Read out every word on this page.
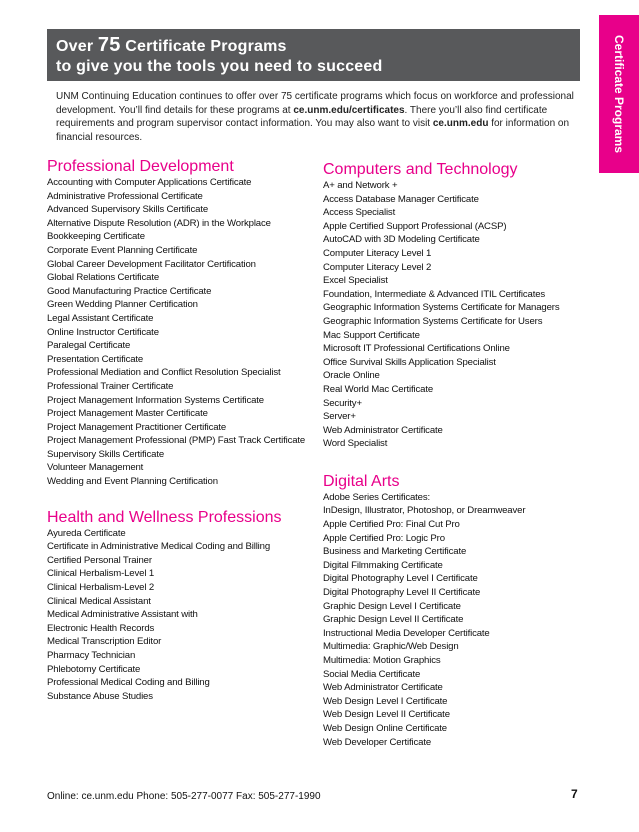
Over 75 Certificate Programs
to give you the tools you need to succeed	Certificate Programs
UNM Continuing Education continues to offer over 75 certificate programs which focus on workforce and professional development. You’ll find details for these programs at ce.unm.edu/certificates. There you’ll also find certificate requirements and program supervisor contact information. You may also want to visit ce.unm.edu for information on financial resources.
Professional Development
Accounting with Computer Applications Certificate
Administrative Professional Certificate
Advanced Supervisory Skills Certificate
Alternative Dispute Resolution (ADR) in the Workplace
Bookkeeping Certificate
Corporate Event Planning Certificate
Global Career Development Facilitator Certification
Global Relations Certificate
Good Manufacturing Practice Certificate
Green Wedding Planner Certification
Legal Assistant Certificate
Online Instructor Certificate
Paralegal Certificate
Presentation Certificate
Professional Mediation and Conflict Resolution Specialist
Professional Trainer Certificate
Project Management Information Systems Certificate
Project Management Master Certificate
Project Management Practitioner Certificate
Project Management Professional (PMP) Fast Track Certificate
Supervisory Skills Certificate
Volunteer Management
Wedding and Event Planning Certification
Health and Wellness Professions
Ayureda Certificate
Certificate in Administrative Medical Coding and Billing
Certified Personal Trainer
Clinical Herbalism-Level 1
Clinical Herbalism-Level 2
Clinical Medical Assistant
Medical Administrative Assistant with
Electronic Health Records
Medical Transcription Editor
Pharmacy Technician
Phlebotomy Certificate
Professional Medical Coding and Billing
Substance Abuse Studies
Computers and Technology
A+ and Network +
Access Database Manager Certificate
Access Specialist
Apple Certified Support Professional (ACSP)
AutoCAD with 3D Modeling Certificate
Computer Literacy Level 1
Computer Literacy Level 2
Excel Specialist
Foundation, Intermediate & Advanced ITIL Certificates
Geographic Information Systems Certificate for Managers
Geographic Information Systems Certificate for Users
Mac Support Certificate
Microsoft IT Professional Certifications Online
Office Survival Skills Application Specialist
Oracle Online
Real World Mac Certificate
Security+
Server+
Web Administrator Certificate
Word Specialist
Digital Arts
Adobe Series Certificates:
InDesign, Illustrator, Photoshop, or Dreamweaver
Apple Certified Pro: Final Cut Pro
Apple Certified Pro: Logic Pro
Business and Marketing Certificate
Digital Filmmaking Certificate
Digital Photography Level I Certificate
Digital Photography Level II Certificate
Graphic Design Level I Certificate
Graphic Design Level II Certificate
Instructional Media Developer Certificate
Multimedia: Graphic/Web Design
Multimedia: Motion Graphics
Social Media Certificate
Web Administrator Certificate
Web Design Level I Certificate
Web Design Level II Certificate
Web Design Online Certificate
Web Developer Certificate
Online: ce.unm.edu Phone: 505-277-0077 Fax: 505-277-1990	7
